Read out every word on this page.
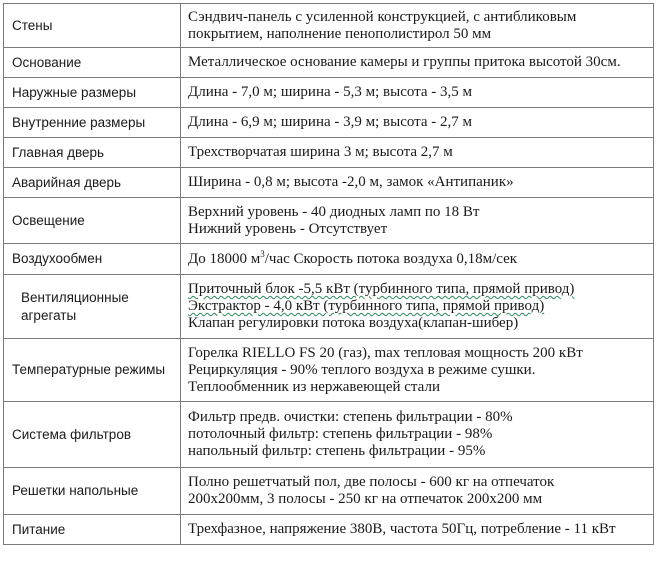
Стены	Сэндвич-панель с усиленной конструкцией, с антибликовым
покрытием, наполнение пенополистирол 50 мм

Основание	Металлическое основание камеры и группы притока высотой 30см.

Наружные размеры	Длина - 7,0 м; ширина - 5,3 м; высота - 3,5 м

Внутренние размеры	Длина - 6,9 м; ширина - 3,9 м; высота - 2,7 м

Главная дверь	Трехстворчатая ширина 3 м; высота 2,7 м

Аварийная дверь	Ширина - 0,8 м; высота -2,0 м, замок «Антипаник»

Освещение	Верхний уровень - 40 диодных ламп по 18 Вт
Нижний уровень - Отсутствует

Воздухообмен	До 18000 $м^3$/час Скорость потока воздуха 0,18м/сек

Вентиляционные агрегаты	Приточный блок -5,5 кВт (турбинного типа, прямой привод)
Экстрактор - 4,0 кВт (турбинного типа, прямой привод)
Клапан регулировки потока воздуха(клапан-шибер)

Температурные режимы	Горелка RIELLO FS 20 (газ), max тепловая мощность 200 кВт
Рециркуляция - 90% теплого воздуха в режиме сушки.
Теплообменник из нержавеющей стали

Система фильтров	Фильтр предв. очистки: степень фильтрации - 80%
потолочный фильтр: степень фильтрации - 98%
напольный фильтр: степень фильтрации - 95%

Решетки напольные	Полно решетчатый пол, две полосы - 600 кг на отпечаток
200х200мм, 3 полосы - 250 кг на отпечаток 200х200 мм

Питание	Трехфазное, напряжение 380В, частота 50Гц, потребление - 11 кВт
